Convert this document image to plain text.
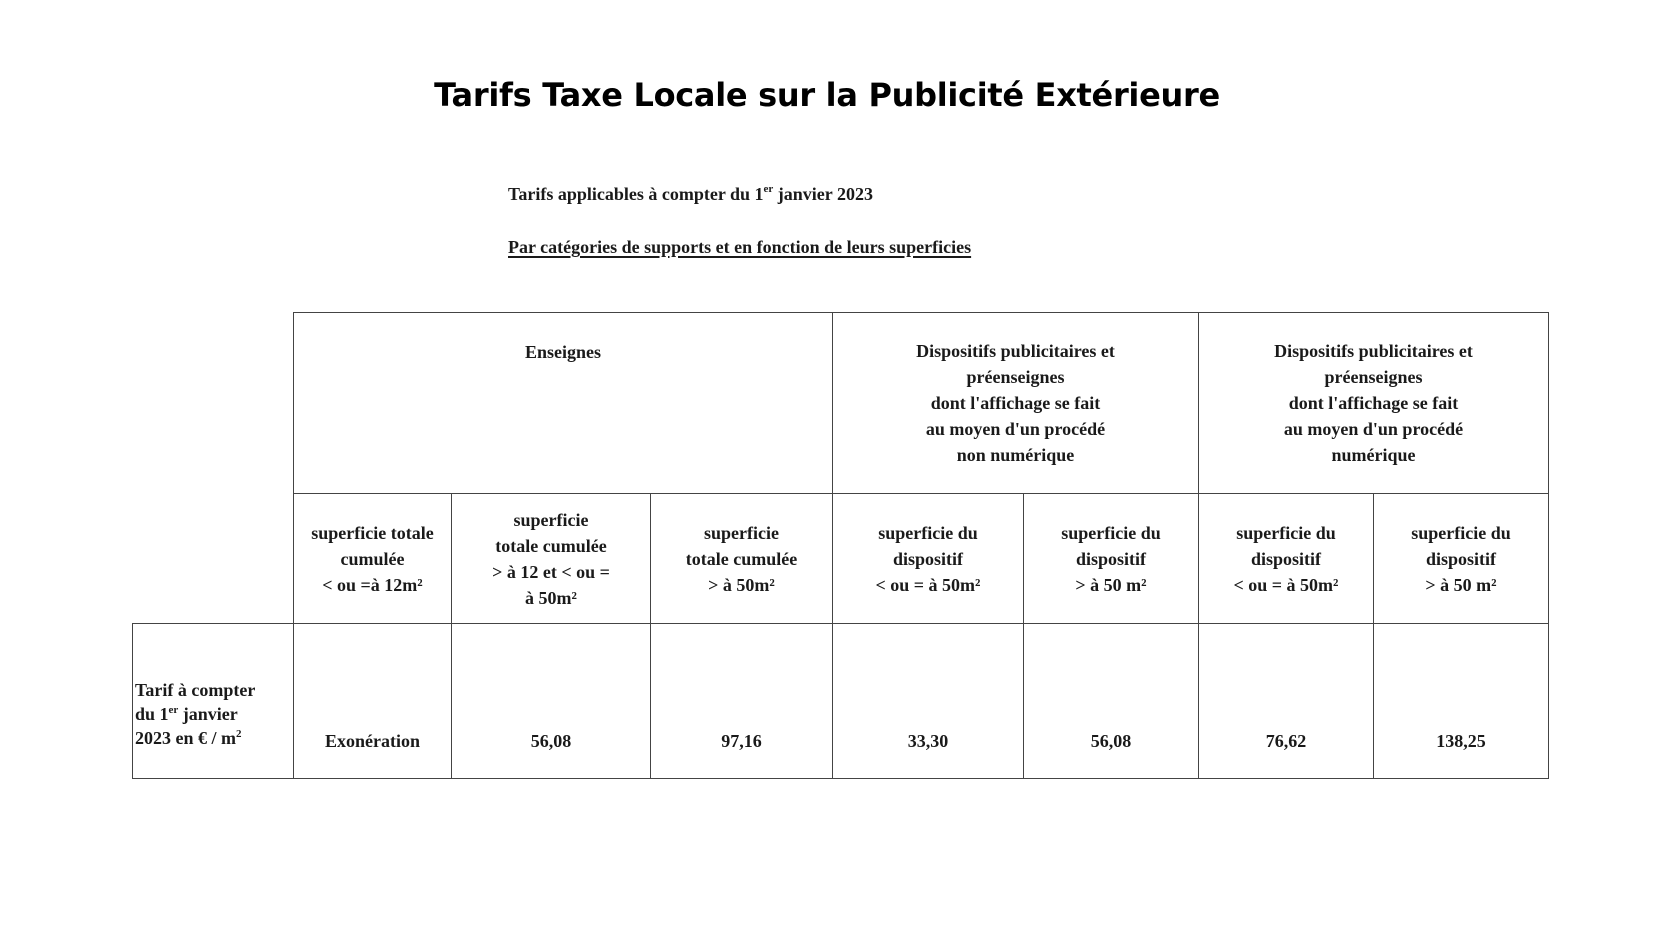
Tarifs Taxe Locale sur la Publicité Extérieure
Tarifs applicables à compter du 1er janvier 2023
Par catégories de supports et en fonction de leurs superficies
	Enseignes			Dispositifs publicitaires et
préenseignes
dont l'affichage se fait
au moyen d'un procédé
non numérique		Dispositifs publicitaires et
préenseignes
dont l'affichage se fait
au moyen d'un procédé
numérique	
	superficie totale
cumulée
< ou =à 12m²	superficie
totale cumulée
> à 12 et < ou =
à 50m²	superficie
totale cumulée
> à 50m²	superficie du
dispositif
< ou = à 50m²	superficie du
dispositif
> à 50 m²	superficie du
dispositif
< ou = à 50m²	superficie du
dispositif
> à 50 m²
Tarif à compter
du 1er janvier
2023 en € / $m^2$	Exonération	56,08	97,16	33,30	56,08	76,62	138,25
